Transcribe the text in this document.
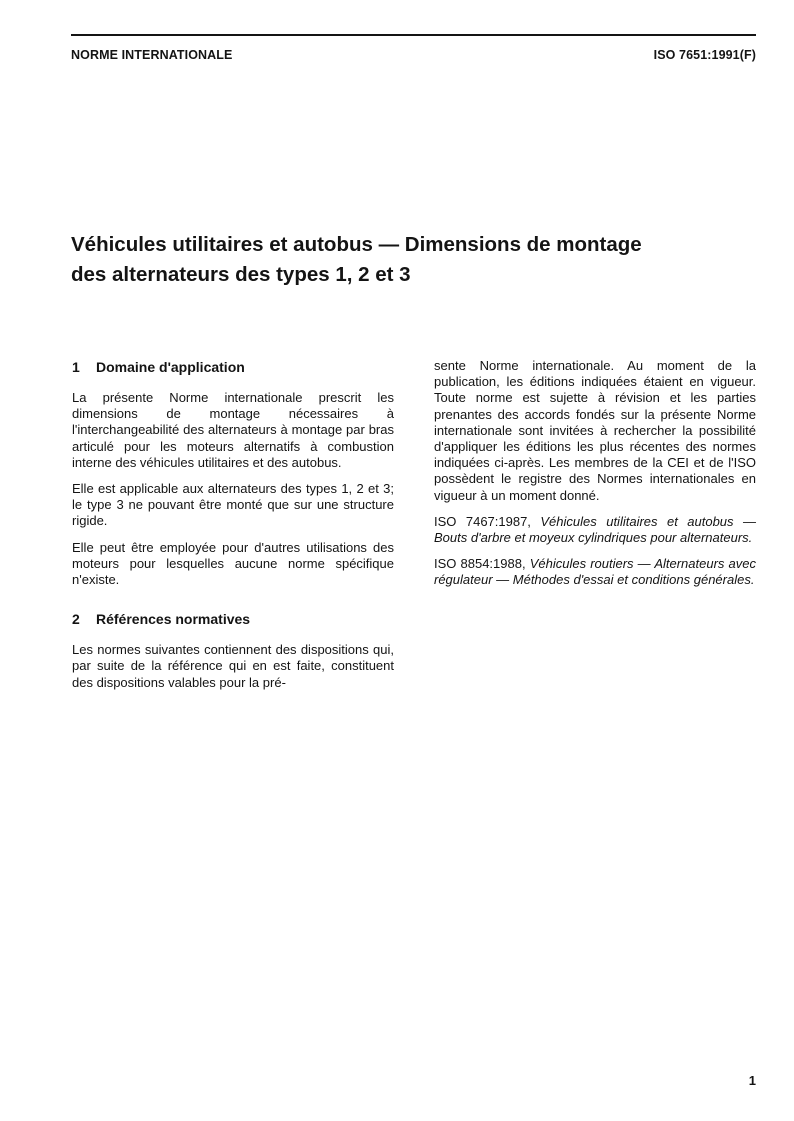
NORME INTERNATIONALE	ISO 7651:1991(F)
Véhicules utilitaires et autobus — Dimensions de montage
des alternateurs des types 1, 2 et 3
1 Domaine d'application

La présente Norme internationale prescrit les dimensions de montage nécessaires à l'interchangeabilité des alternateurs à montage par bras articulé pour les moteurs alternatifs à combustion interne des véhicules utilitaires et des autobus.

Elle est applicable aux alternateurs des types 1, 2 et 3; le type 3 ne pouvant être monté que sur une structure rigide.

Elle peut être employée pour d'autres utilisations des moteurs pour lesquelles aucune norme spécifique n'existe.

2 Références normatives

Les normes suivantes contiennent des dispositions qui, par suite de la référence qui en est faite, constituent des dispositions valables pour la pré-

sente Norme internationale. Au moment de la publication, les éditions indiquées étaient en vigueur. Toute norme est sujette à révision et les parties prenantes des accords fondés sur la présente Norme internationale sont invitées à rechercher la possibilité d'appliquer les éditions les plus récentes des normes indiquées ci-après. Les membres de la CEI et de l'ISO possèdent le registre des Normes internationales en vigueur à un moment donné.

ISO 7467:1987, Véhicules utilitaires et autobus — Bouts d'arbre et moyeux cylindriques pour alternateurs.

ISO 8854:1988, Véhicules routiers — Alternateurs avec régulateur — Méthodes d'essai et conditions générales.

1
